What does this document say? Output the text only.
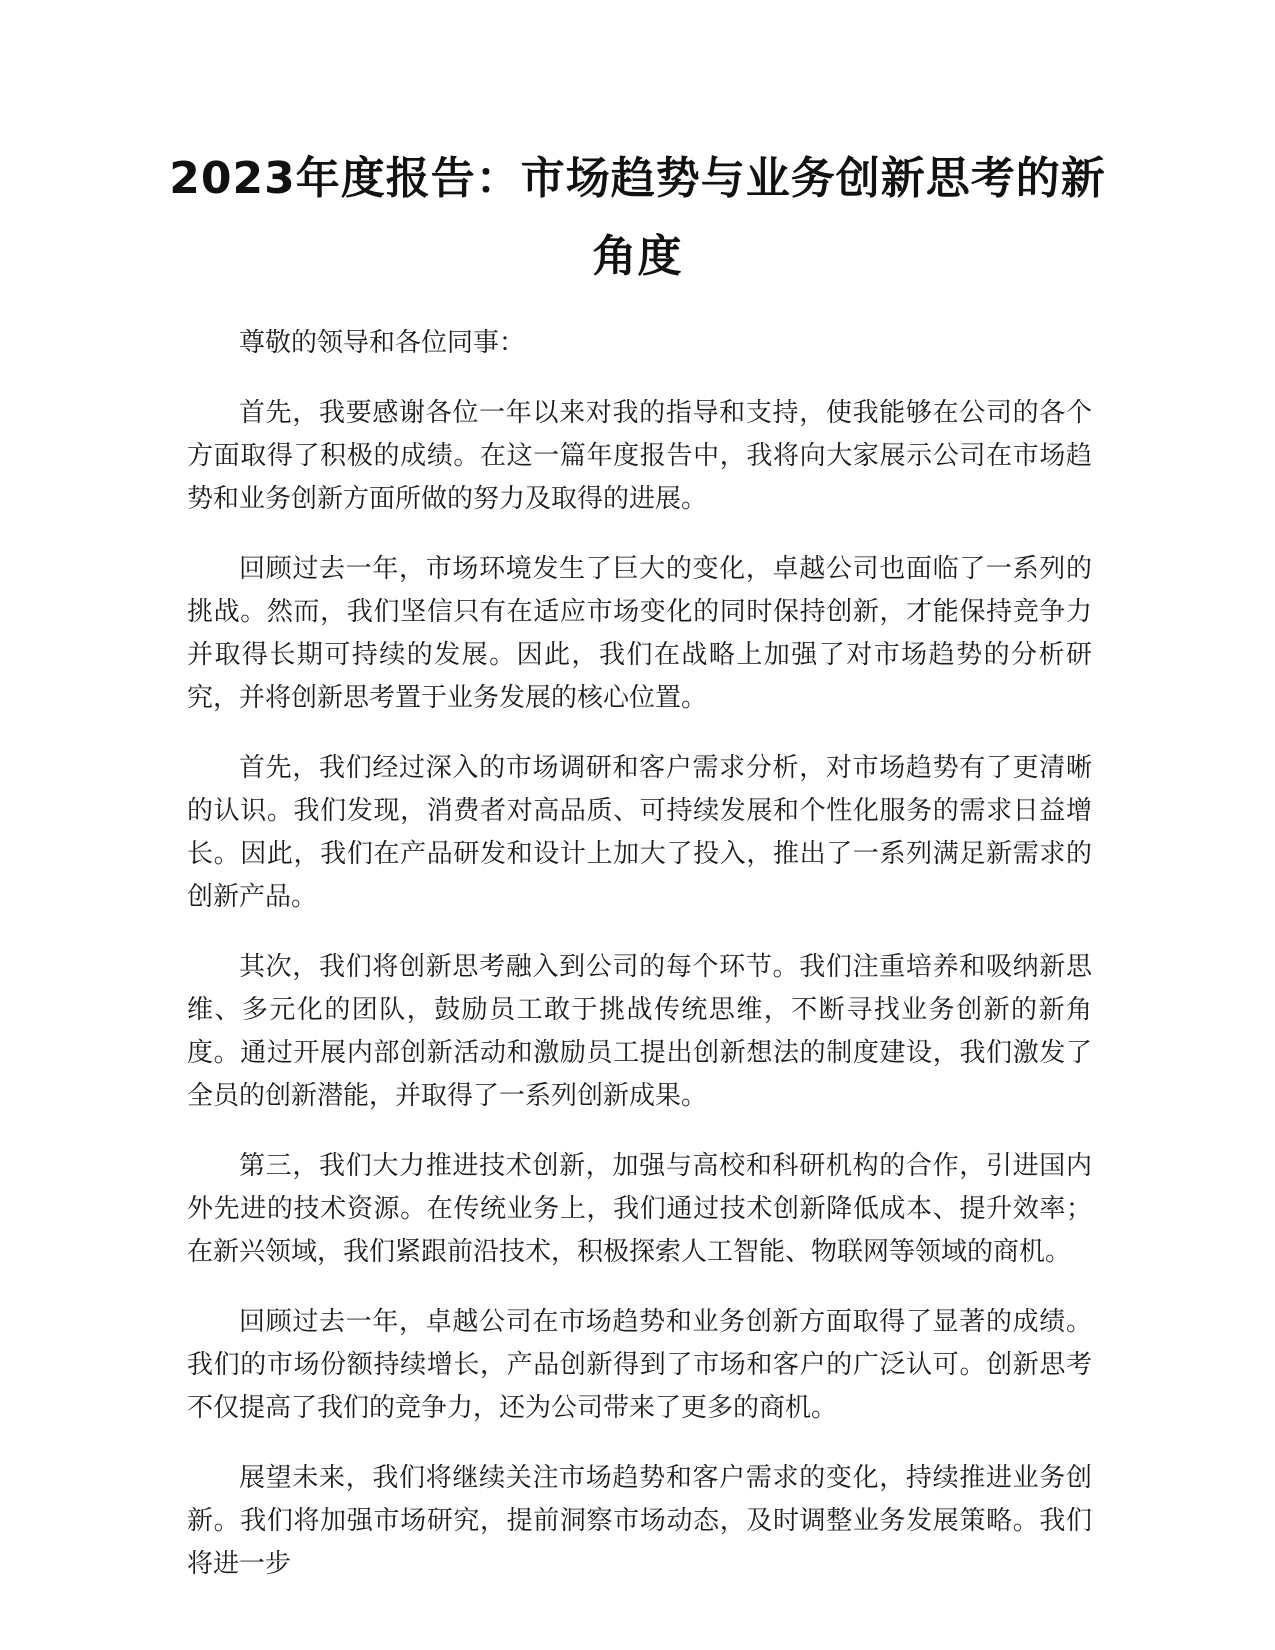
2023年度报告：市场趋势与业务创新思考的新角度

尊敬的领导和各位同事：

首先，我要感谢各位一年以来对我的指导和支持，使我能够在公司的各个方面取得了积极的成绩。在这一篇年度报告中，我将向大家展示公司在市场趋势和业务创新方面所做的努力及取得的进展。

回顾过去一年，市场环境发生了巨大的变化，卓越公司也面临了一系列的挑战。然而，我们坚信只有在适应市场变化的同时保持创新，才能保持竞争力并取得长期可持续的发展。因此，我们在战略上加强了对市场趋势的分析研究，并将创新思考置于业务发展的核心位置。

首先，我们经过深入的市场调研和客户需求分析，对市场趋势有了更清晰的认识。我们发现，消费者对高品质、可持续发展和个性化服务的需求日益增长。因此，我们在产品研发和设计上加大了投入，推出了一系列满足新需求的创新产品。

其次，我们将创新思考融入到公司的每个环节。我们注重培养和吸纳新思维、多元化的团队，鼓励员工敢于挑战传统思维，不断寻找业务创新的新角度。通过开展内部创新活动和激励员工提出创新想法的制度建设，我们激发了全员的创新潜能，并取得了一系列创新成果。

第三，我们大力推进技术创新，加强与高校和科研机构的合作，引进国内外先进的技术资源。在传统业务上，我们通过技术创新降低成本、提升效率；在新兴领域，我们紧跟前沿技术，积极探索人工智能、物联网等领域的商机。

回顾过去一年，卓越公司在市场趋势和业务创新方面取得了显著的成绩。我们的市场份额持续增长，产品创新得到了市场和客户的广泛认可。创新思考不仅提高了我们的竞争力，还为公司带来了更多的商机。

展望未来，我们将继续关注市场趋势和客户需求的变化，持续推进业务创新。我们将加强市场研究，提前洞察市场动态，及时调整业务发展策略。我们将进一步
